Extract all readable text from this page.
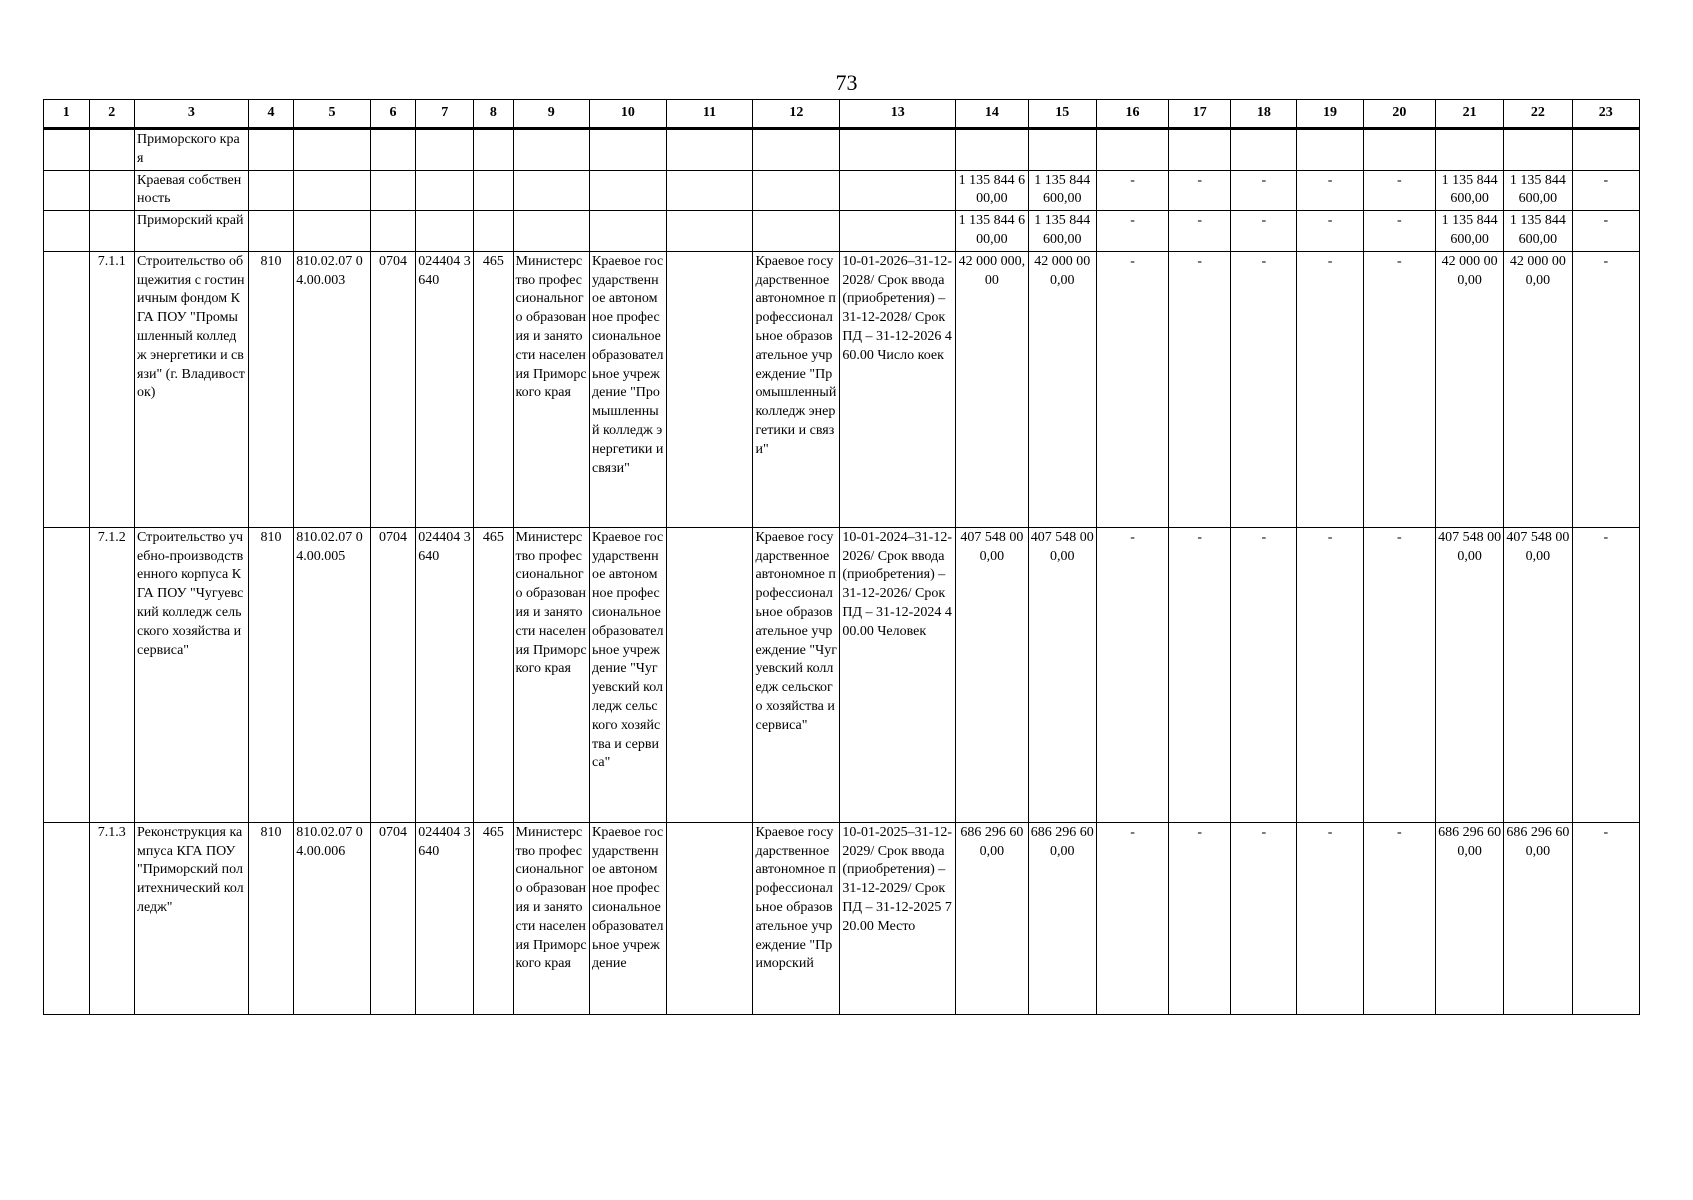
73
1	2	3	4	5	6	7	8	9	10	11	12	13	14	15	16	17	18	19	20	21	22	23
		Приморского края																				
		Краевая собственность											1 135 844 600,00	1 135 844 600,00	-	-	-	-	-	1 135 844 600,00	1 135 844 600,00	-
		Приморский край											1 135 844 600,00	1 135 844 600,00	-	-	-	-	-	1 135 844 600,00	1 135 844 600,00	-
	7.1.1	Строительство общежития с гостиничным фондом КГА ПОУ "Промышленный колледж энергетики и связи" (г. Владивосток)	810	810.02.07 04.00.003	0704	024404 3640	465	Министерство профессионального образования и занятости населения Приморского края	Краевое государственное автономное профессиональное образовательное учреждение "Промышленный колледж энергетики и связи"		Краевое государственное автономное профессиональное образовательное учреждение "Промышленный колледж энергетики и связи"	10-01-2026–31-12-2028/ Срок ввода (приобретения) – 31-12-2028/ Срок ПД – 31-12-2026 460.00 Число коек	42 000 000,00	42 000 000,00	-	-	-	-	-	42 000 000,00	42 000 000,00	-
	7.1.2	Строительство учебно-производственного корпуса КГА ПОУ "Чугуевский колледж сельского хозяйства и сервиса"	810	810.02.07 04.00.005	0704	024404 3640	465	Министерство профессионального образования и занятости населения Приморского края	Краевое государственное автономное профессиональное образовательное учреждение "Чугуевский колледж сельского хозяйства и сервиса"		Краевое государственное автономное профессиональное образовательное учреждение "Чугуевский колледж сельского хозяйства и сервиса"	10-01-2024–31-12-2026/ Срок ввода (приобретения) – 31-12-2026/ Срок ПД – 31-12-2024 400.00 Человек	407 548 000,00	407 548 000,00	-	-	-	-	-	407 548 000,00	407 548 000,00	-
	7.1.3	Реконструкция кампуса КГА ПОУ "Приморский политехнический колледж"	810	810.02.07 04.00.006	0704	024404 3640	465	Министерство профессионального образования и занятости населения Приморского края	Краевое государственное автономное профессиональное образовательное учреждение		Краевое государственное автономное профессиональное образовательное учреждение "Приморский	10-01-2025–31-12-2029/ Срок ввода (приобретения) – 31-12-2029/ Срок ПД – 31-12-2025 720.00 Место	686 296 600,00	686 296 600,00	-	-	-	-	-	686 296 600,00	686 296 600,00	-
